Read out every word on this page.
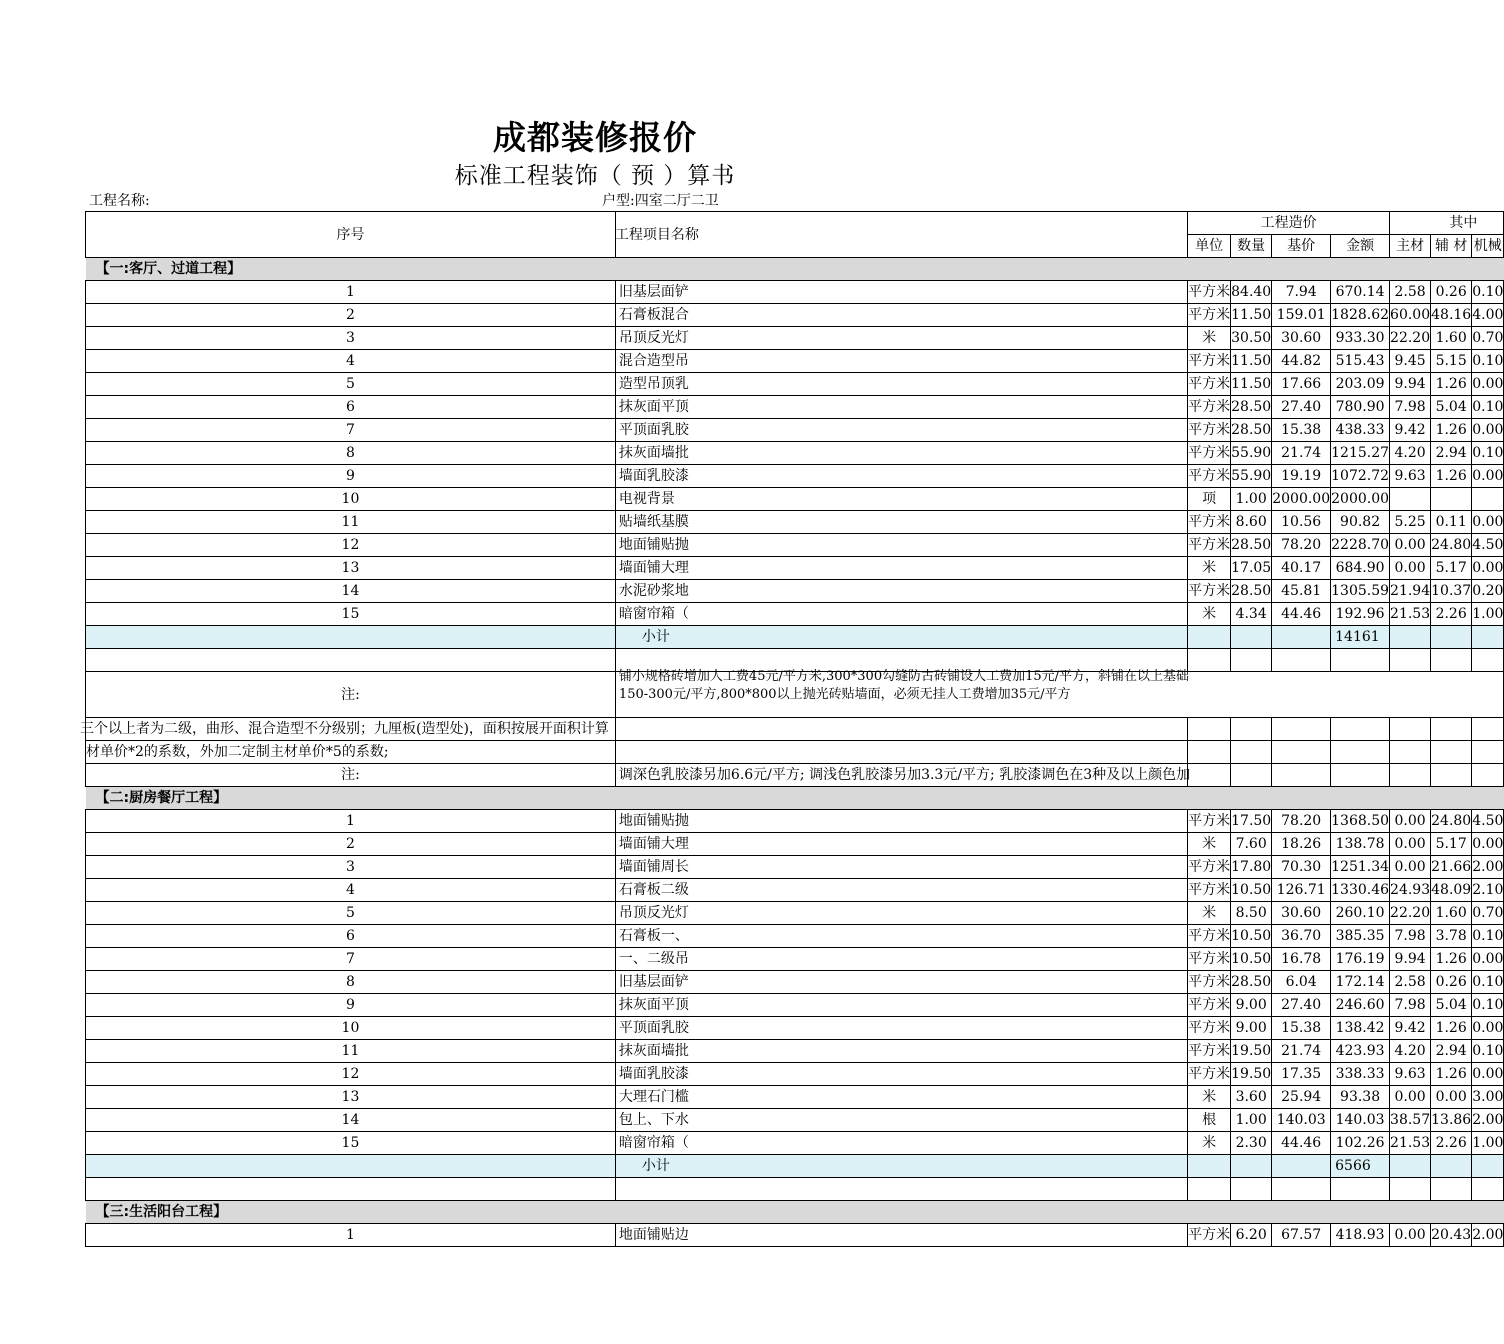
成都装修报价
标准工程装饰（ 预 ）算书
工程名称:	户型:四室二厅二卫
序号	工程项目名称	工程造价				其中		
		单位	数量	基价	金额	主材	辅 材	机械
【一:客厅、过道工程】								
1	旧基层面铲	平方米	84.40	7.94	670.14	2.58	0.26	0.10
2	石膏板混合	平方米	11.50	159.01	1828.62	60.00	48.16	4.00
3	吊顶反光灯	米	30.50	30.60	933.30	22.20	1.60	0.70
4	混合造型吊	平方米	11.50	44.82	515.43	9.45	5.15	0.10
5	造型吊顶乳	平方米	11.50	17.66	203.09	9.94	1.26	0.00
6	抹灰面平顶	平方米	28.50	27.40	780.90	7.98	5.04	0.10
7	平顶面乳胶	平方米	28.50	15.38	438.33	9.42	1.26	0.00
8	抹灰面墙批	平方米	55.90	21.74	1215.27	4.20	2.94	0.10
9	墙面乳胶漆	平方米	55.90	19.19	1072.72	9.63	1.26	0.00
10	电视背景	项	1.00	2000.00	2000.00			
11	贴墙纸基膜	平方米	8.60	10.56	90.82	5.25	0.11	0.00
12	地面铺贴抛	平方米	28.50	78.20	2228.70	0.00	24.80	4.50
13	墙面铺大理	米	17.05	40.17	684.90	0.00	5.17	0.00
14	水泥砂浆地	平方米	28.50	45.81	1305.59	21.94	10.37	0.20
15	暗窗帘箱（	米	4.34	44.46	192.96	21.53	2.26	1.00
	小计				14161			

注:	铺小规格砖增加人工费45元/平方米,300*300勾缝防古砖铺设人工费加15元/平方，斜铺在以上基础
150-300元/平方,800*800以上抛光砖贴墙面，必须无挂人工费增加35元/平方							

三个以上者为二级，曲形、混合造型不分级别；九厘板(造型处)，面积按展开面积计算								
材单价*2的系数，外加二定制主材单价*5的系数;								
注:	调深色乳胶漆另加6.6元/平方; 调浅色乳胶漆另加3.3元/平方; 乳胶漆调色在3种及以上颜色加							
【二:厨房餐厅工程】								
1	地面铺贴抛	平方米	17.50	78.20	1368.50	0.00	24.80	4.50
2	墙面铺大理	米	7.60	18.26	138.78	0.00	5.17	0.00
3	墙面铺周长	平方米	17.80	70.30	1251.34	0.00	21.66	2.00
4	石膏板二级	平方米	10.50	126.71	1330.46	24.93	48.09	2.10
5	吊顶反光灯	米	8.50	30.60	260.10	22.20	1.60	0.70
6	石膏板一、	平方米	10.50	36.70	385.35	7.98	3.78	0.10
7	一、二级吊	平方米	10.50	16.78	176.19	9.94	1.26	0.00
8	旧基层面铲	平方米	28.50	6.04	172.14	2.58	0.26	0.10
9	抹灰面平顶	平方米	9.00	27.40	246.60	7.98	5.04	0.10
10	平顶面乳胶	平方米	9.00	15.38	138.42	9.42	1.26	0.00
11	抹灰面墙批	平方米	19.50	21.74	423.93	4.20	2.94	0.10
12	墙面乳胶漆	平方米	19.50	17.35	338.33	9.63	1.26	0.00
13	大理石门槛	米	3.60	25.94	93.38	0.00	0.00	3.00
14	包上、下水	根	1.00	140.03	140.03	38.57	13.86	2.00
15	暗窗帘箱（	米	2.30	44.46	102.26	21.53	2.26	1.00
	小计				6566			

【三:生活阳台工程】								
1	地面铺贴边	平方米	6.20	67.57	418.93	0.00	20.43	2.00
